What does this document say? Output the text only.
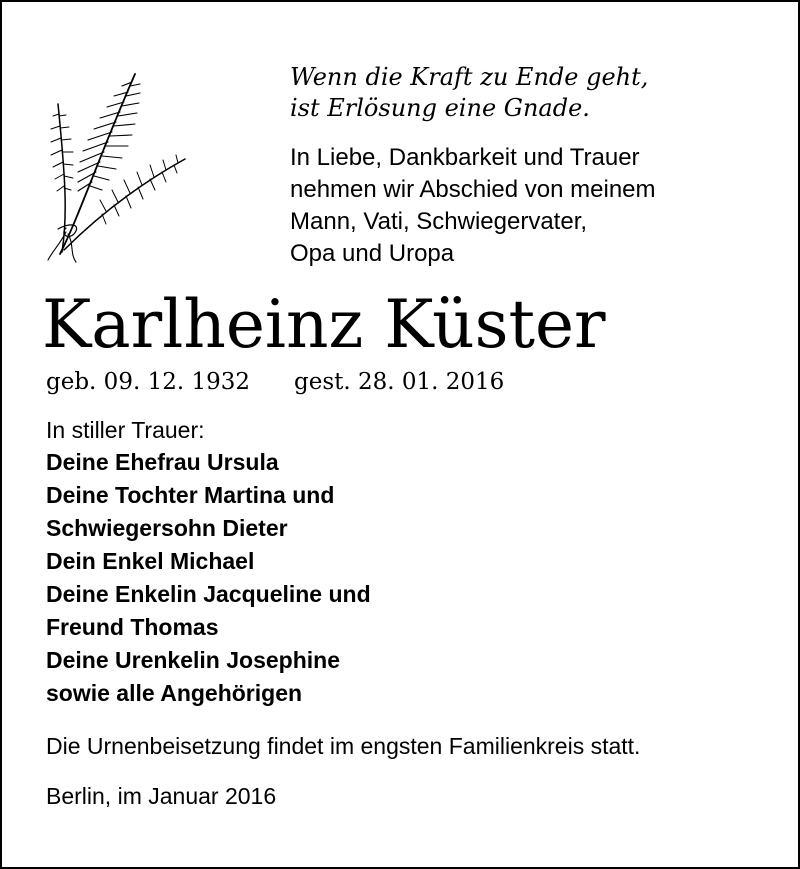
Wenn die Kraft zu Ende geht,
ist Erlösung eine Gnade.
In Liebe, Dankbarkeit und Trauer
nehmen wir Abschied von meinem
Mann, Vati, Schwiegervater,
Opa und Uropa
Karlheinz Küster
geb. 09. 12. 1932 gest. 28. 01. 2016
In stiller Trauer:
Deine Ehefrau Ursula
Deine Tochter Martina und
Schwiegersohn Dieter
Dein Enkel Michael
Deine Enkelin Jacqueline und
Freund Thomas
Deine Urenkelin Josephine
sowie alle Angehörigen
Die Urnenbeisetzung findet im engsten Familienkreis statt.
Berlin, im Januar 2016
